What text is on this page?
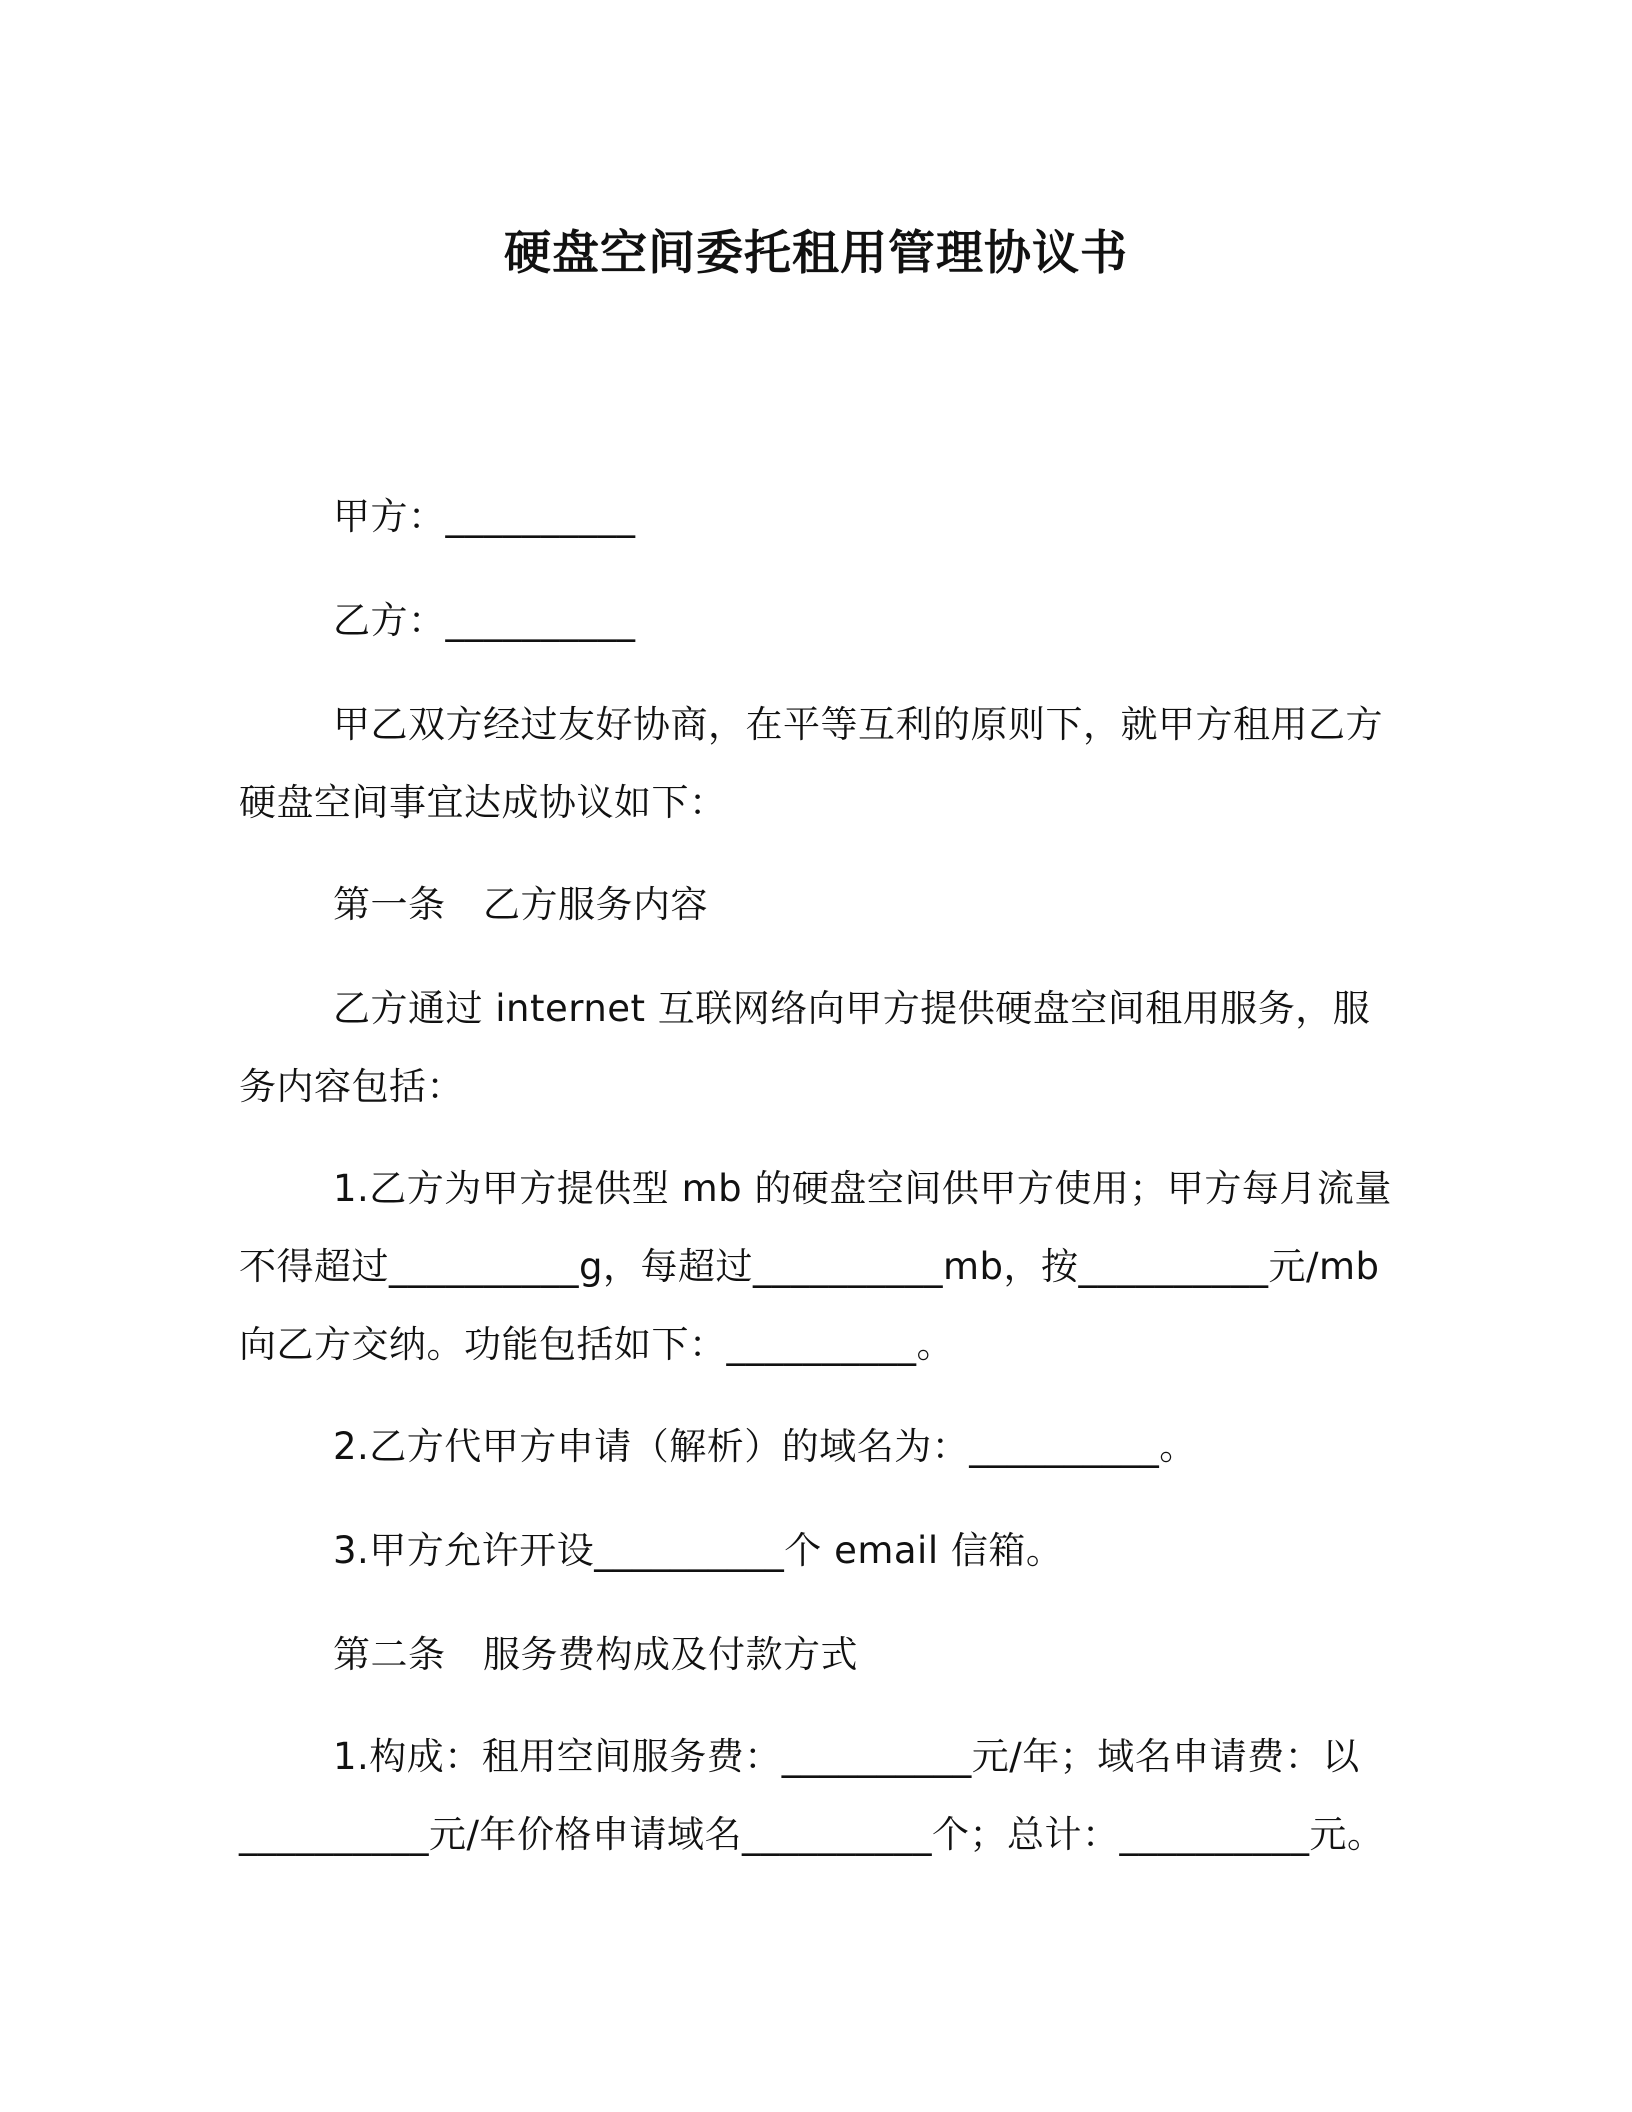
硬盘空间委托租用管理协议书
甲方：__________
乙方：__________
甲乙双方经过友好协商，在平等互利的原则下，就甲方租用乙方
硬盘空间事宜达成协议如下：
第一条　乙方服务内容
乙方通过 internet 互联网络向甲方提供硬盘空间租用服务，服
务内容包括：
1.乙方为甲方提供型 mb 的硬盘空间供甲方使用；甲方每月流量
不得超过__________g，每超过__________mb，按__________元/mb
向乙方交纳。功能包括如下：__________。
2.乙方代甲方申请（解析）的域名为：__________。
3.甲方允许开设__________个 email 信箱。
第二条　服务费构成及付款方式
1.构成：租用空间服务费：__________元/年；域名申请费：以
__________元/年价格申请域名__________个；总计：__________元。
